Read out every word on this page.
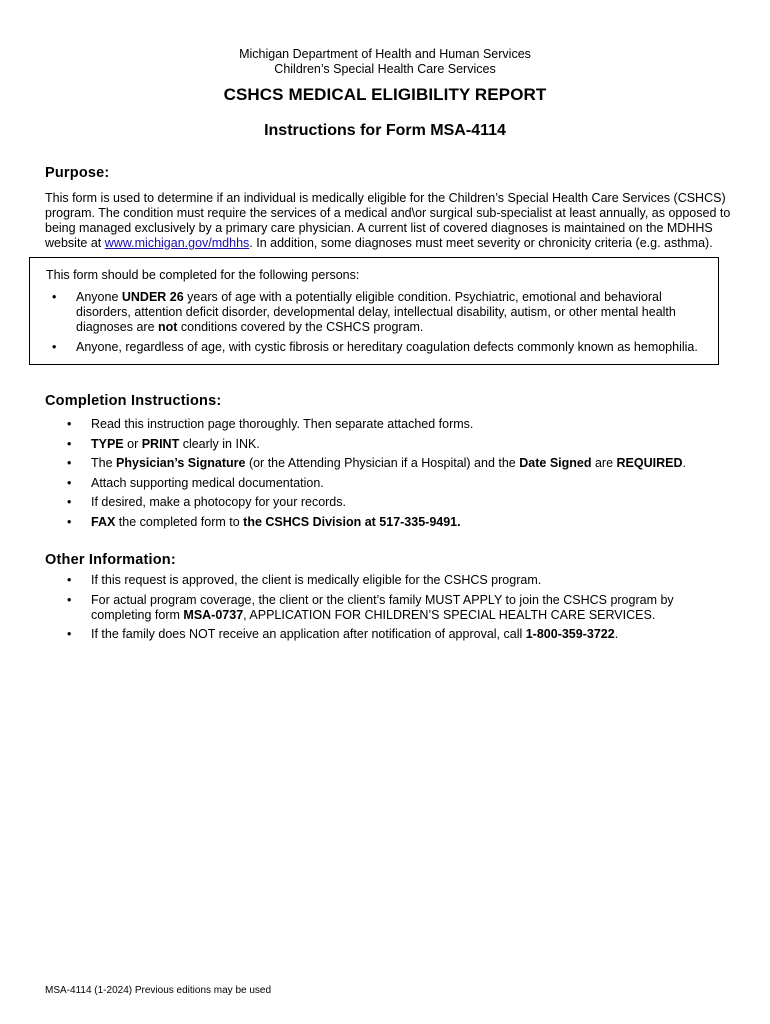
Michigan Department of Health and Human Services
Children’s Special Health Care Services
CSHCS MEDICAL ELIGIBILITY REPORT
Instructions for Form MSA-4114
Purpose:
This form is used to determine if an individual is medically eligible for the Children’s Special Health Care Services (CSHCS) program. The condition must require the services of a medical and\or surgical sub-specialist at least annually, as opposed to being managed exclusively by a primary care physician. A current list of covered diagnoses is maintained on the MDHHS website at www.michigan.gov/mdhhs. In addition, some diagnoses must meet severity or chronicity criteria (e.g. asthma).
This form should be completed for the following persons:
• Anyone UNDER 26 years of age with a potentially eligible condition. Psychiatric, emotional and behavioral disorders, attention deficit disorder, developmental delay, intellectual disability, autism, or other mental health diagnoses are not conditions covered by the CSHCS program.
• Anyone, regardless of age, with cystic fibrosis or hereditary coagulation defects commonly known as hemophilia.
Completion Instructions:
• Read this instruction page thoroughly. Then separate attached forms.
• TYPE or PRINT clearly in INK.
• The Physician’s Signature (or the Attending Physician if a Hospital) and the Date Signed are REQUIRED.
• Attach supporting medical documentation.
• If desired, make a photocopy for your records.
• FAX the completed form to the CSHCS Division at 517-335-9491.
Other Information:
• If this request is approved, the client is medically eligible for the CSHCS program.
• For actual program coverage, the client or the client’s family MUST APPLY to join the CSHCS program by completing form MSA-0737, APPLICATION FOR CHILDREN’S SPECIAL HEALTH CARE SERVICES.
• If the family does NOT receive an application after notification of approval, call 1-800-359-3722.
MSA-4114 (1-2024) Previous editions may be used
